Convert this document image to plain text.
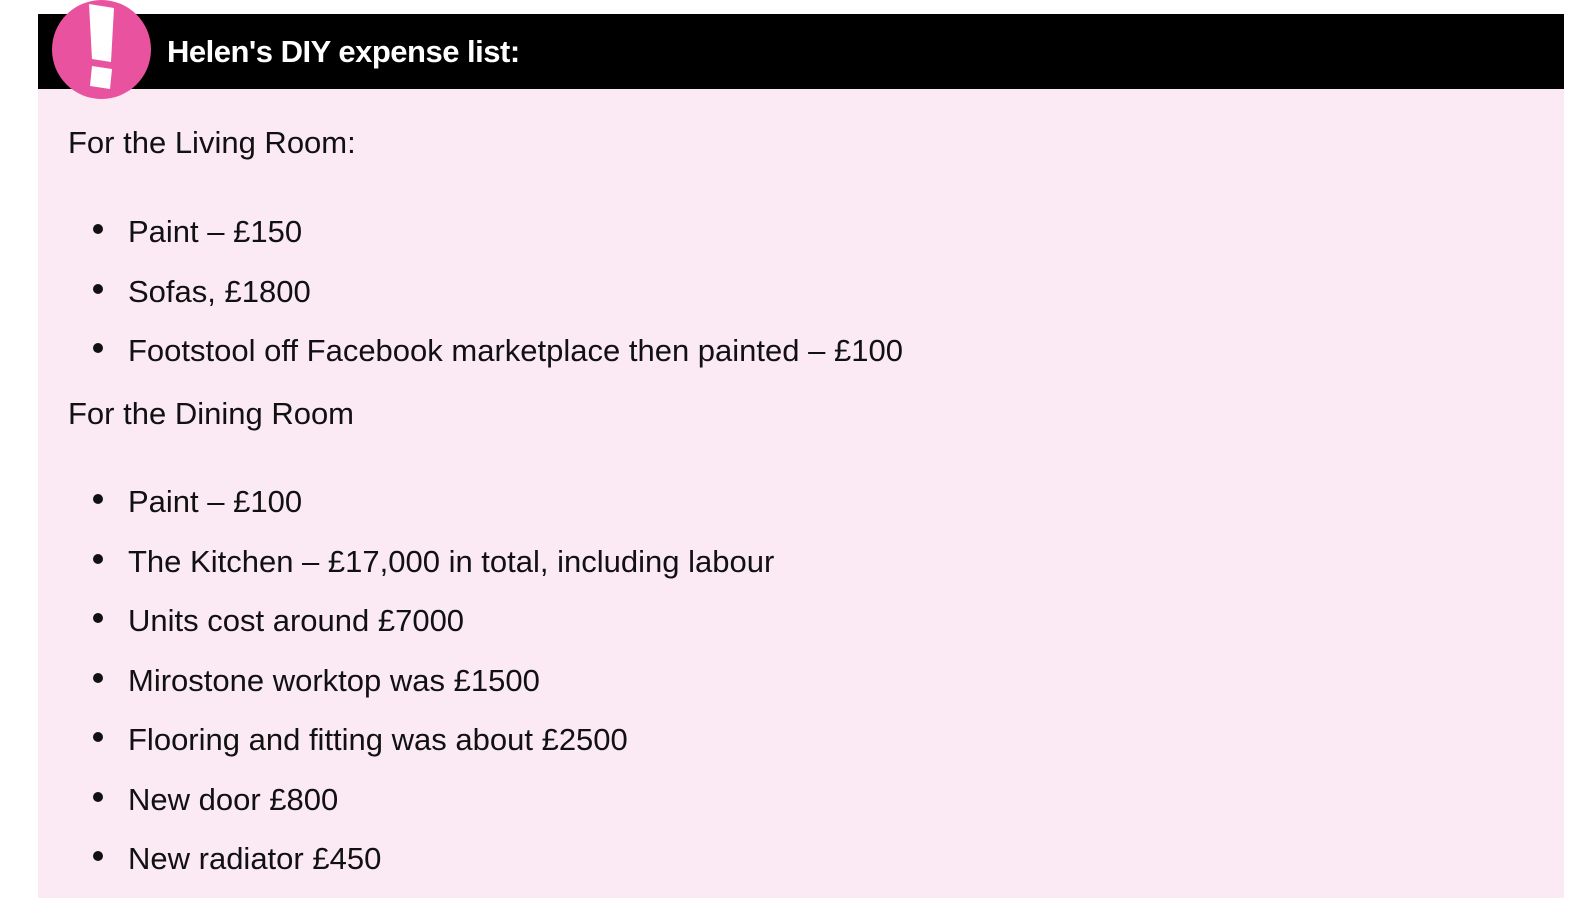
Helen's DIY expense list:
For the Living Room:
Paint – £150
Sofas, £1800
Footstool off Facebook marketplace then painted – £100
For the Dining Room
Paint – £100
The Kitchen – £17,000 in total, including labour
Units cost around £7000
Mirostone worktop was £1500
Flooring and fitting was about £2500
New door £800
New radiator £450
